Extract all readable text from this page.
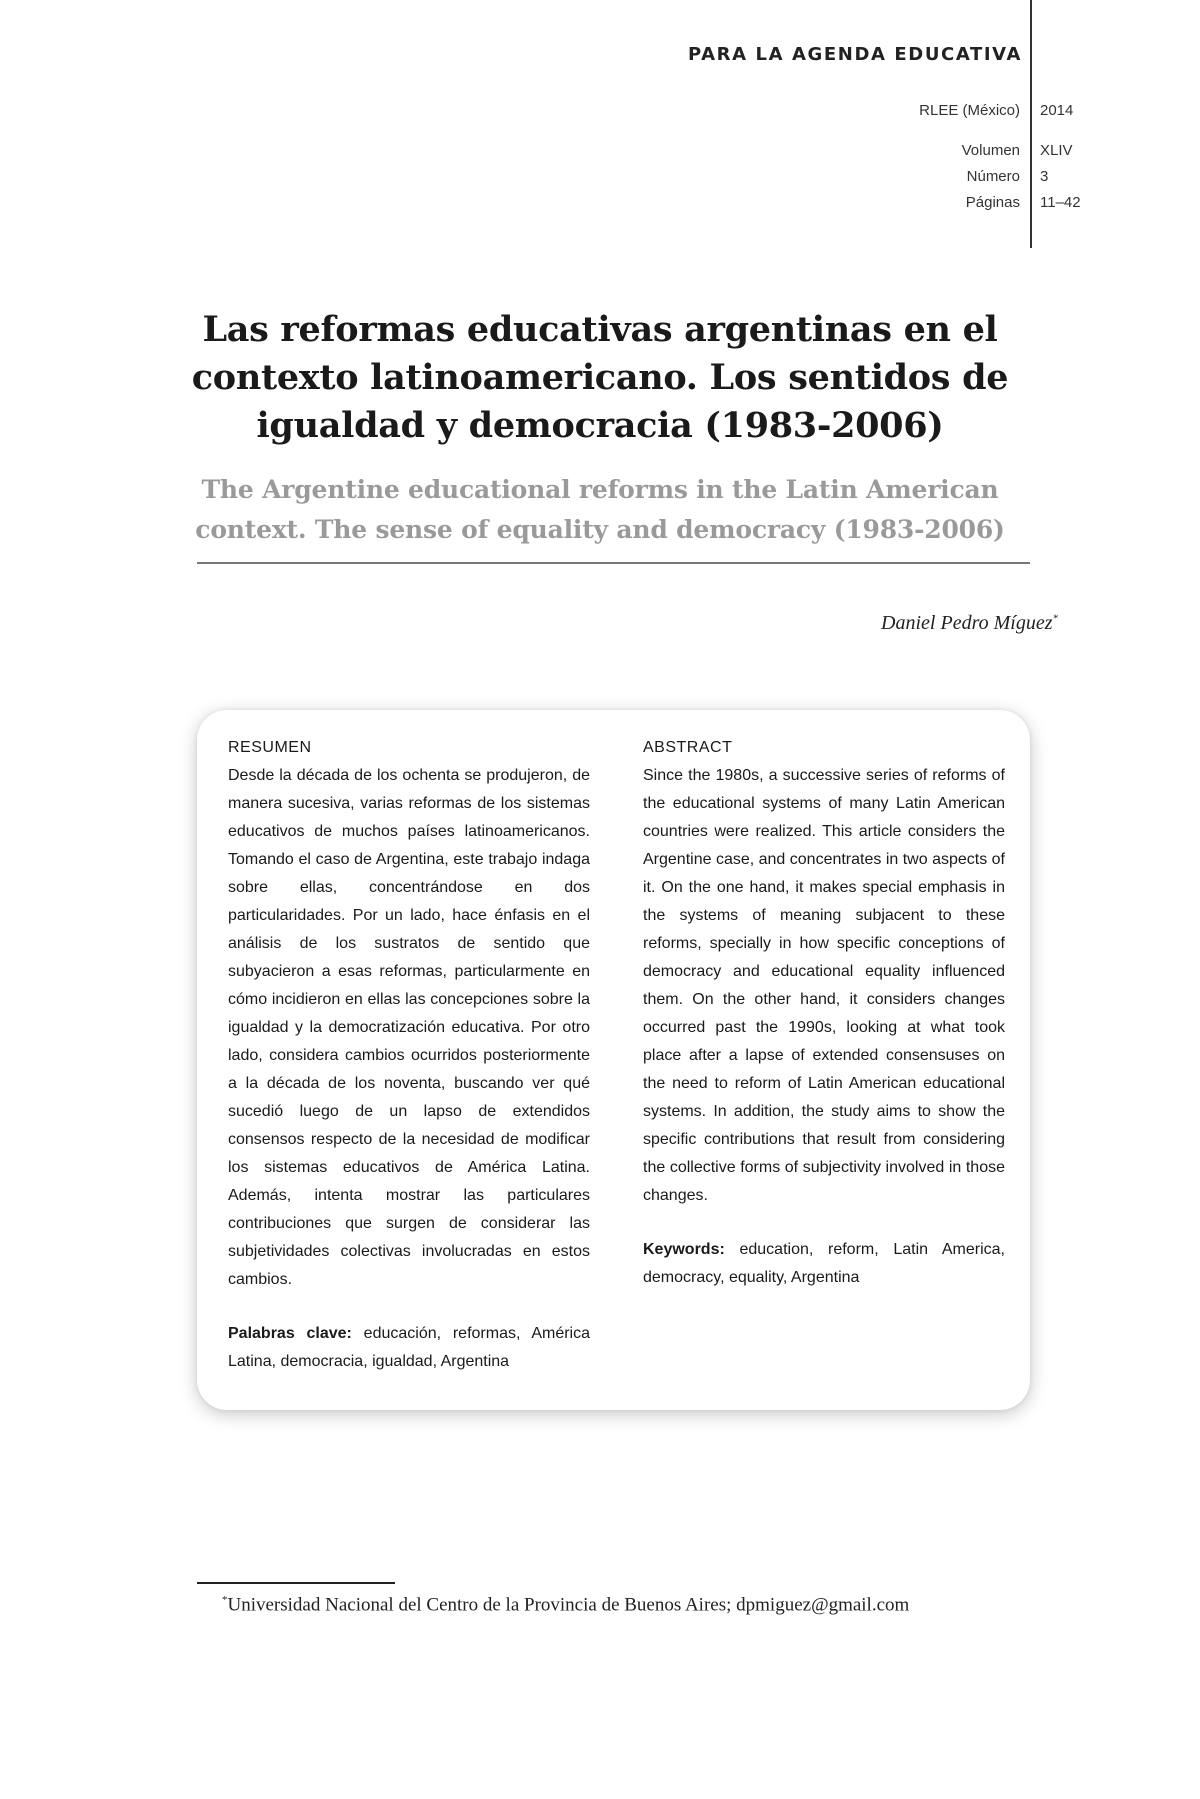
PARA LA AGENDA EDUCATIVA
RLEE (México)
Volumen
Número
Páginas
2014
XLIV
3
11–42
Las reformas educativas argentinas en el contexto latinoamericano. Los sentidos de igualdad y democracia (1983-2006)
The Argentine educational reforms in the Latin American context. The sense of equality and democracy (1983-2006)
Daniel Pedro Míguez*
RESUMEN
Desde la década de los ochenta se produjeron, de manera sucesiva, varias reformas de los sistemas educativos de muchos países latinoamericanos. Tomando el caso de Argentina, este trabajo indaga sobre ellas, concentrándose en dos particularidades. Por un lado, hace énfasis en el análisis de los sustratos de sentido que subyacieron a esas reformas, particularmente en cómo incidieron en ellas las concepciones sobre la igualdad y la democratización educativa. Por otro lado, considera cambios ocurridos posteriormente a la década de los noventa, buscando ver qué sucedió luego de un lapso de extendidos consensos respecto de la necesidad de modificar los sistemas educativos de América Latina. Además, intenta mostrar las particulares contribuciones que surgen de considerar las subjetividades colectivas involucradas en estos cambios.
Palabras clave: educación, reformas, América Latina, democracia, igualdad, Argentina
ABSTRACT
Since the 1980s, a successive series of reforms of the educational systems of many Latin American countries were realized. This article considers the Argentine case, and concentrates in two aspects of it. On the one hand, it makes special emphasis in the systems of meaning subjacent to these reforms, specially in how specific conceptions of democracy and educational equality influenced them. On the other hand, it considers changes occurred past the 1990s, looking at what took place after a lapse of extended consensuses on the need to reform of Latin American educational systems. In addition, the study aims to show the specific contributions that result from considering the collective forms of subjectivity involved in those changes.
Keywords: education, reform, Latin America, democracy, equality, Argentina
*Universidad Nacional del Centro de la Provincia de Buenos Aires; dpmiguez@gmail.com
